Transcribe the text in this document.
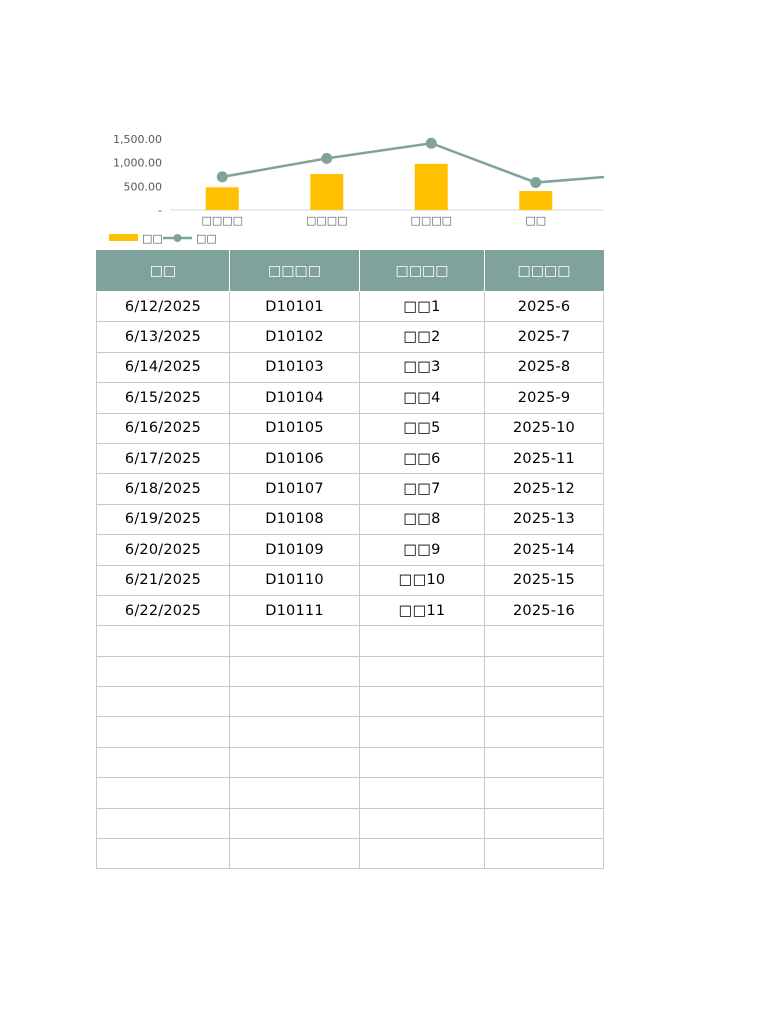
1,500.00
1,000.00
500.00
-
□□□□	□□□□	□□□□	□□
□□	□□
□□	□□□□	□□□□	□□□□
6/12/2025	D10101	□□1	2025-6
6/13/2025	D10102	□□2	2025-7
6/14/2025	D10103	□□3	2025-8
6/15/2025	D10104	□□4	2025-9
6/16/2025	D10105	□□5	2025-10
6/17/2025	D10106	□□6	2025-11
6/18/2025	D10107	□□7	2025-12
6/19/2025	D10108	□□8	2025-13
6/20/2025	D10109	□□9	2025-14
6/21/2025	D10110	□□10	2025-15
6/22/2025	D10111	□□11	2025-16
